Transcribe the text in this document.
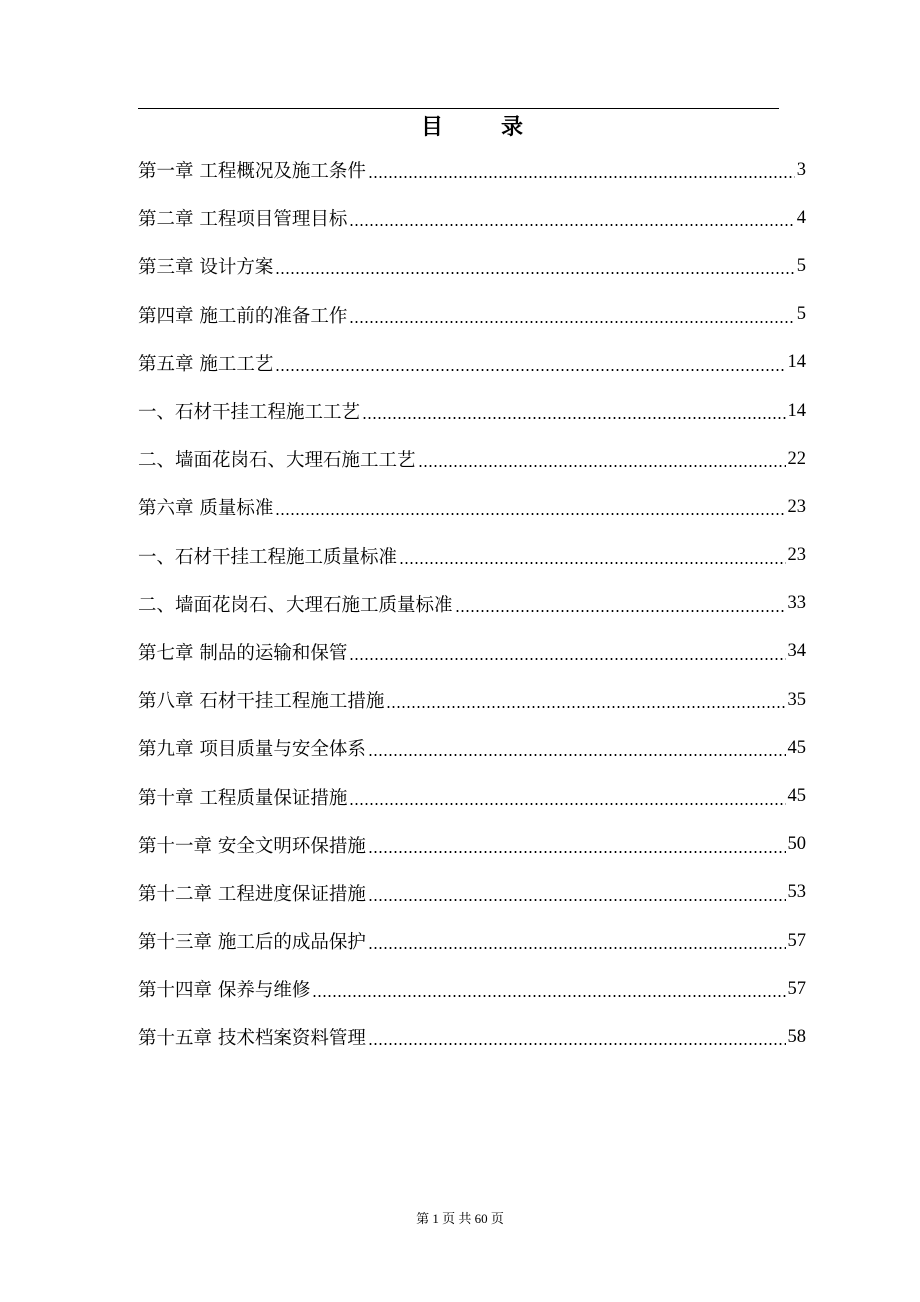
目	录
第一章 工程概况及施工条件	3
第二章 工程项目管理目标	4
第三章 设计方案	5
第四章 施工前的准备工作	5
第五章 施工工艺	14
一、石材干挂工程施工工艺	14
二、墙面花岗石、大理石施工工艺	22
第六章 质量标准	23
一、石材干挂工程施工质量标准	23
二、墙面花岗石、大理石施工质量标准	33
第七章 制品的运输和保管	34
第八章 石材干挂工程施工措施	35
第九章 项目质量与安全体系	45
第十章 工程质量保证措施	45
第十一章 安全文明环保措施	50
第十二章 工程进度保证措施	53
第十三章 施工后的成品保护	57
第十四章 保养与维修	57
第十五章 技术档案资料管理	58
第 1 页 共 60 页
